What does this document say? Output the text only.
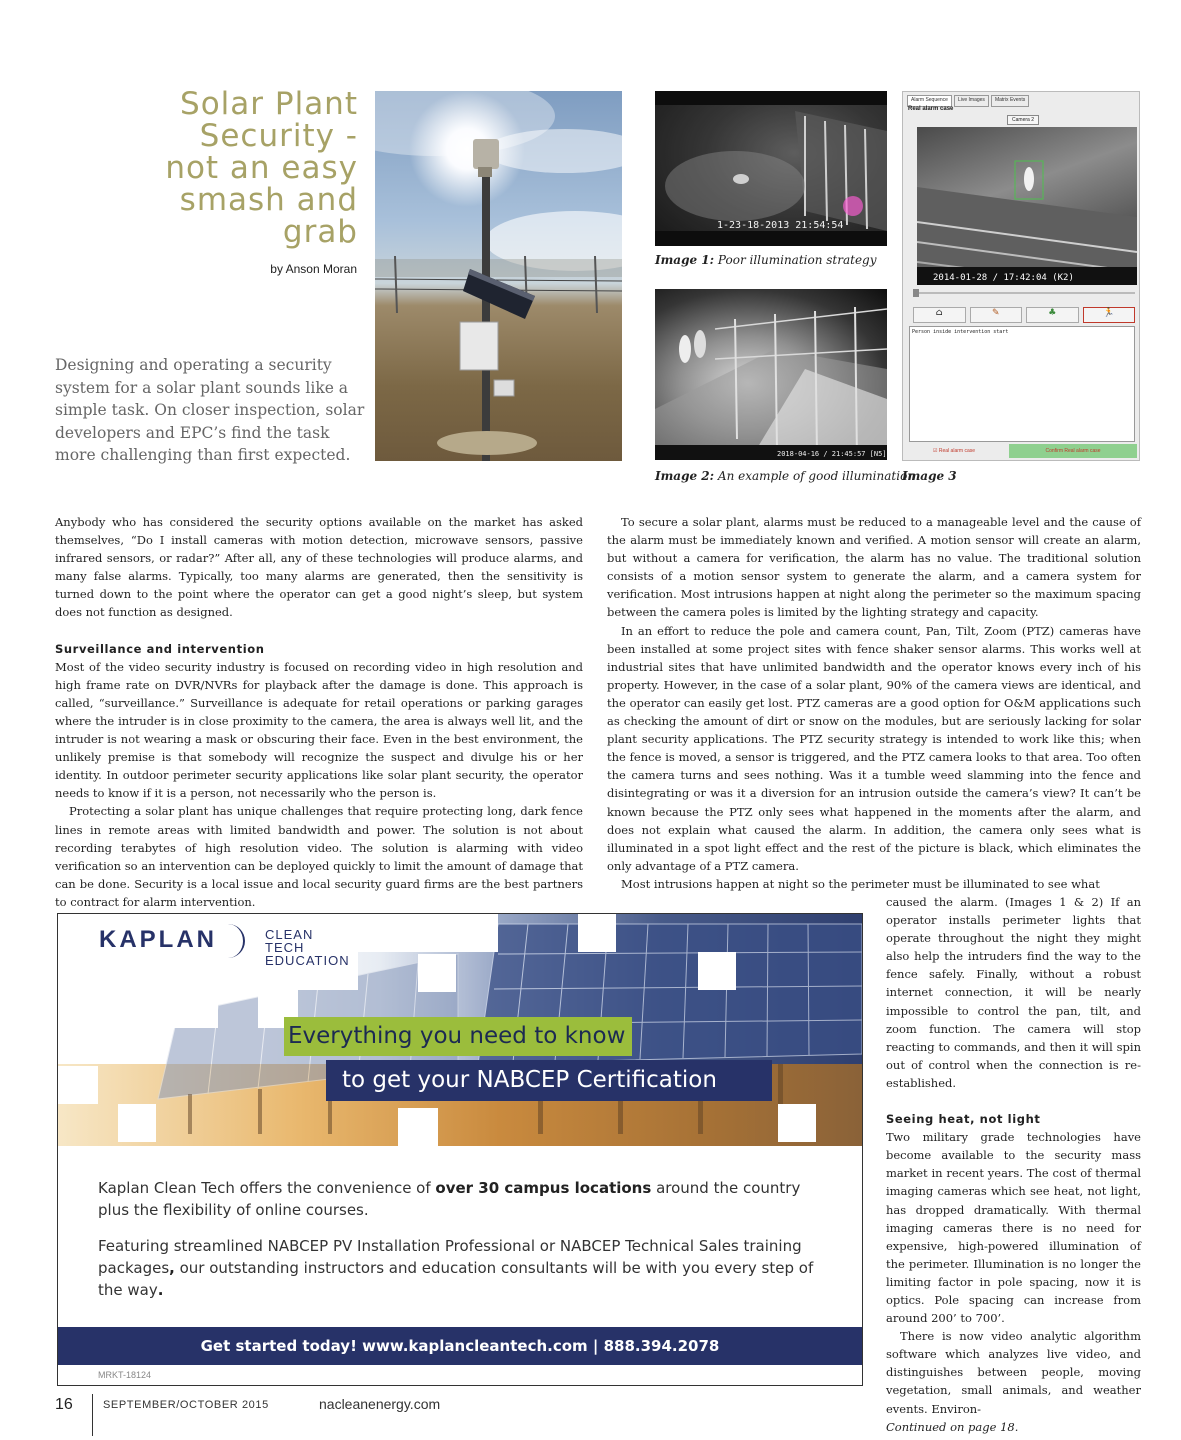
Solar Plant
Security -
not an easy
smash and
grab
by Anson Moran
Designing and operating a security system for a solar plant sounds like a simple task. On closer inspection, solar developers and EPC’s find the task more challenging than first expected.
1-23-18-2013 21:54:54
Image 1: Poor illumination strategy
2018-04-16 / 21:45:57 [N5]
Image 2: An example of good illumination
Alarm Sequence	Live Images	Matrix Events
Real alarm case
Camera 2
2014-01-28 / 17:42:04 (K2)
⌂	✎	♣	🏃
Person inside intervention start
☑ Real alarm case	Confirm Real alarm case
Image 3

Anybody who has considered the security options available on the market has asked themselves, “Do I install cameras with motion detection, microwave sensors, passive infrared sensors, or radar?” After all, any of these technologies will produce alarms, and many false alarms. Typically, too many alarms are generated, then the sensitivity is turned down to the point where the operator can get a good night’s sleep, but system does not function as designed.

Surveillance and intervention

Most of the video security industry is focused on recording video in high resolution and high frame rate on DVR/NVRs for playback after the damage is done. This approach is called, “surveillance.” Surveillance is adequate for retail operations or parking garages where the intruder is in close proximity to the camera, the area is always well lit, and the intruder is not wearing a mask or obscuring their face. Even in the best environment, the unlikely premise is that somebody will recognize the suspect and divulge his or her identity. In outdoor perimeter security applications like solar plant security, the operator needs to know if it is a person, not necessarily who the person is.

Protecting a solar plant has unique challenges that require protecting long, dark fence lines in remote areas with limited bandwidth and power. The solution is not about recording terabytes of high resolution video. The solution is alarming with video verification so an intervention can be deployed quickly to limit the amount of damage that can be done. Security is a local issue and local security guard firms are the best partners to contract for alarm intervention.

To secure a solar plant, alarms must be reduced to a manageable level and the cause of the alarm must be immediately known and verified. A motion sensor will create an alarm, but without a camera for verification, the alarm has no value. The traditional solution consists of a motion sensor system to generate the alarm, and a camera system for verification. Most intrusions happen at night along the perimeter so the maximum spacing between the camera poles is limited by the lighting strategy and capacity.

In an effort to reduce the pole and camera count, Pan, Tilt, Zoom (PTZ) cameras have been installed at some project sites with fence shaker sensor alarms. This works well at industrial sites that have unlimited bandwidth and the operator knows every inch of his property. However, in the case of a solar plant, 90% of the camera views are identical, and the operator can easily get lost. PTZ cameras are a good option for O&M applications such as checking the amount of dirt or snow on the modules, but are seriously lacking for solar plant security applications. The PTZ security strategy is intended to work like this; when the fence is moved, a sensor is triggered, and the PTZ camera looks to that area. Too often the camera turns and sees nothing. Was it a tumble weed slamming into the fence and disintegrating or was it a diversion for an intrusion outside the camera’s view? It can’t be known because the PTZ only sees what happened in the moments after the alarm, and does not explain what caused the alarm. In addition, the camera only sees what is illuminated in a spot light effect and the rest of the picture is black, which eliminates the only advantage of a PTZ camera.

Most intrusions happen at night so the perimeter must be illuminated to see what

caused the alarm. (Images 1 & 2) If an operator installs perimeter lights that operate throughout the night they might also help the intruders find the way to the fence safely. Finally, without a robust internet connection, it will be nearly impossible to control the pan, tilt, and zoom function. The camera will stop reacting to commands, and then it will spin out of control when the connection is re-established.

Seeing heat, not light

Two military grade technologies have become available to the security mass market in recent years. The cost of thermal imaging cameras which see heat, not light, has dropped dramatically. With thermal imaging cameras there is no need for expensive, high-powered illumination of the perimeter. Illumination is no longer the limiting factor in pole spacing, now it is optics. Pole spacing can increase from around 200’ to 700’.

There is now video analytic algorithm software which analyzes live video, and distinguishes between people, moving vegetation, small animals, and weather events. Environ-

Continued on page 18.

KAPLAN	CLEAN TECH
EDUCATION
Everything you need to know
to get your NABCEP Certification
Kaplan Clean Tech offers the convenience of over 30 campus locations around the country plus the flexibility of online courses.
Featuring streamlined NABCEP PV Installation Professional or NABCEP Technical Sales training packages, our outstanding instructors and education consultants will be with you every step of the way.
Get started today! www.kaplancleantech.com | 888.394.2078
MRKT-18124
16	SEPTEMBER/OCTOBER 2015	nacleanenergy.com
